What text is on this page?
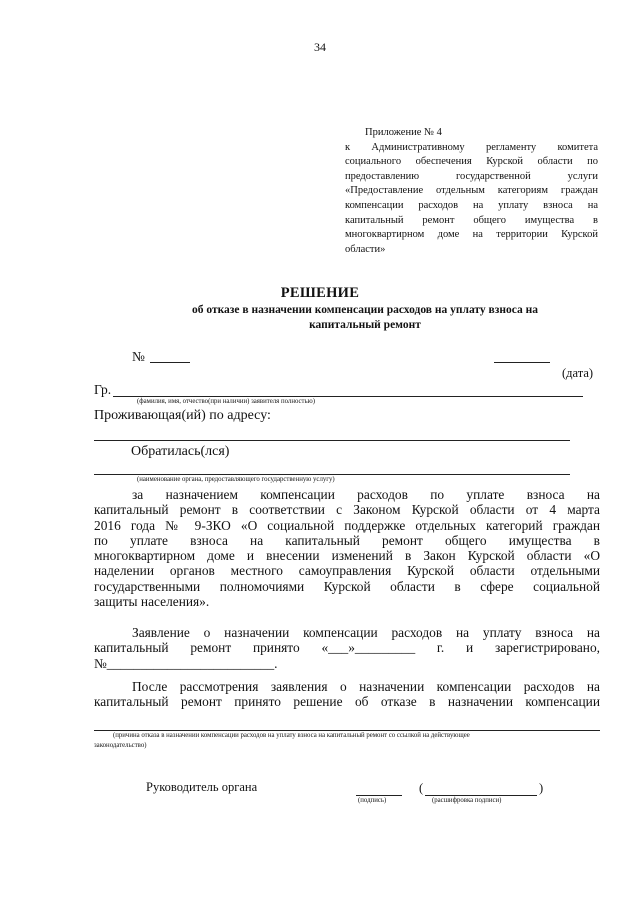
34
Приложение № 4
к Административному регламенту комитета
социального обеспечения Курской области по
предоставлению государственной услуги
«Предоставление отдельным категориям граждан
компенсации расходов на уплату взноса на
капитальный ремонт общего имущества в
многоквартирном доме на территории Курской
области»
РЕШЕНИЕ
об отказе в назначении компенсации расходов на уплату взноса на
капитальный ремонт
№
(дата)
Гр.
(фамилия, имя, отчество(при наличии) заявителя полностью)
Проживающая(ий) по адресу:
Обратилась(лся)
(наименование органа, предоставляющего государственную услугу)
за назначением компенсации расходов по уплате взноса на
капитальный ремонт в соответствии с Законом Курской области от 4 марта
2016 года № 9-ЗКО «О социальной поддержке отдельных категорий граждан
по уплате взноса на капитальный ремонт общего имущества в
многоквартирном доме и внесении изменений в Закон Курской области «О
наделении органов местного самоуправления Курской области отдельными
государственными полномочиями Курской области в сфере социальной
защиты населения».
Заявление о назначении компенсации расходов на уплату взноса на
капитальный ремонт принято «___»_________ г. и зарегистрировано,
№_________________________.
После рассмотрения заявления о назначении компенсации расходов на
капитальный ремонт принято решение об отказе в назначении компенсации
(причина отказа в назначении компенсации расходов на уплату взноса на капитальный ремонт со ссылкой на действующее
законодательство)
Руководитель органа
(подпись)
(	)
(расшифровка подписи)
